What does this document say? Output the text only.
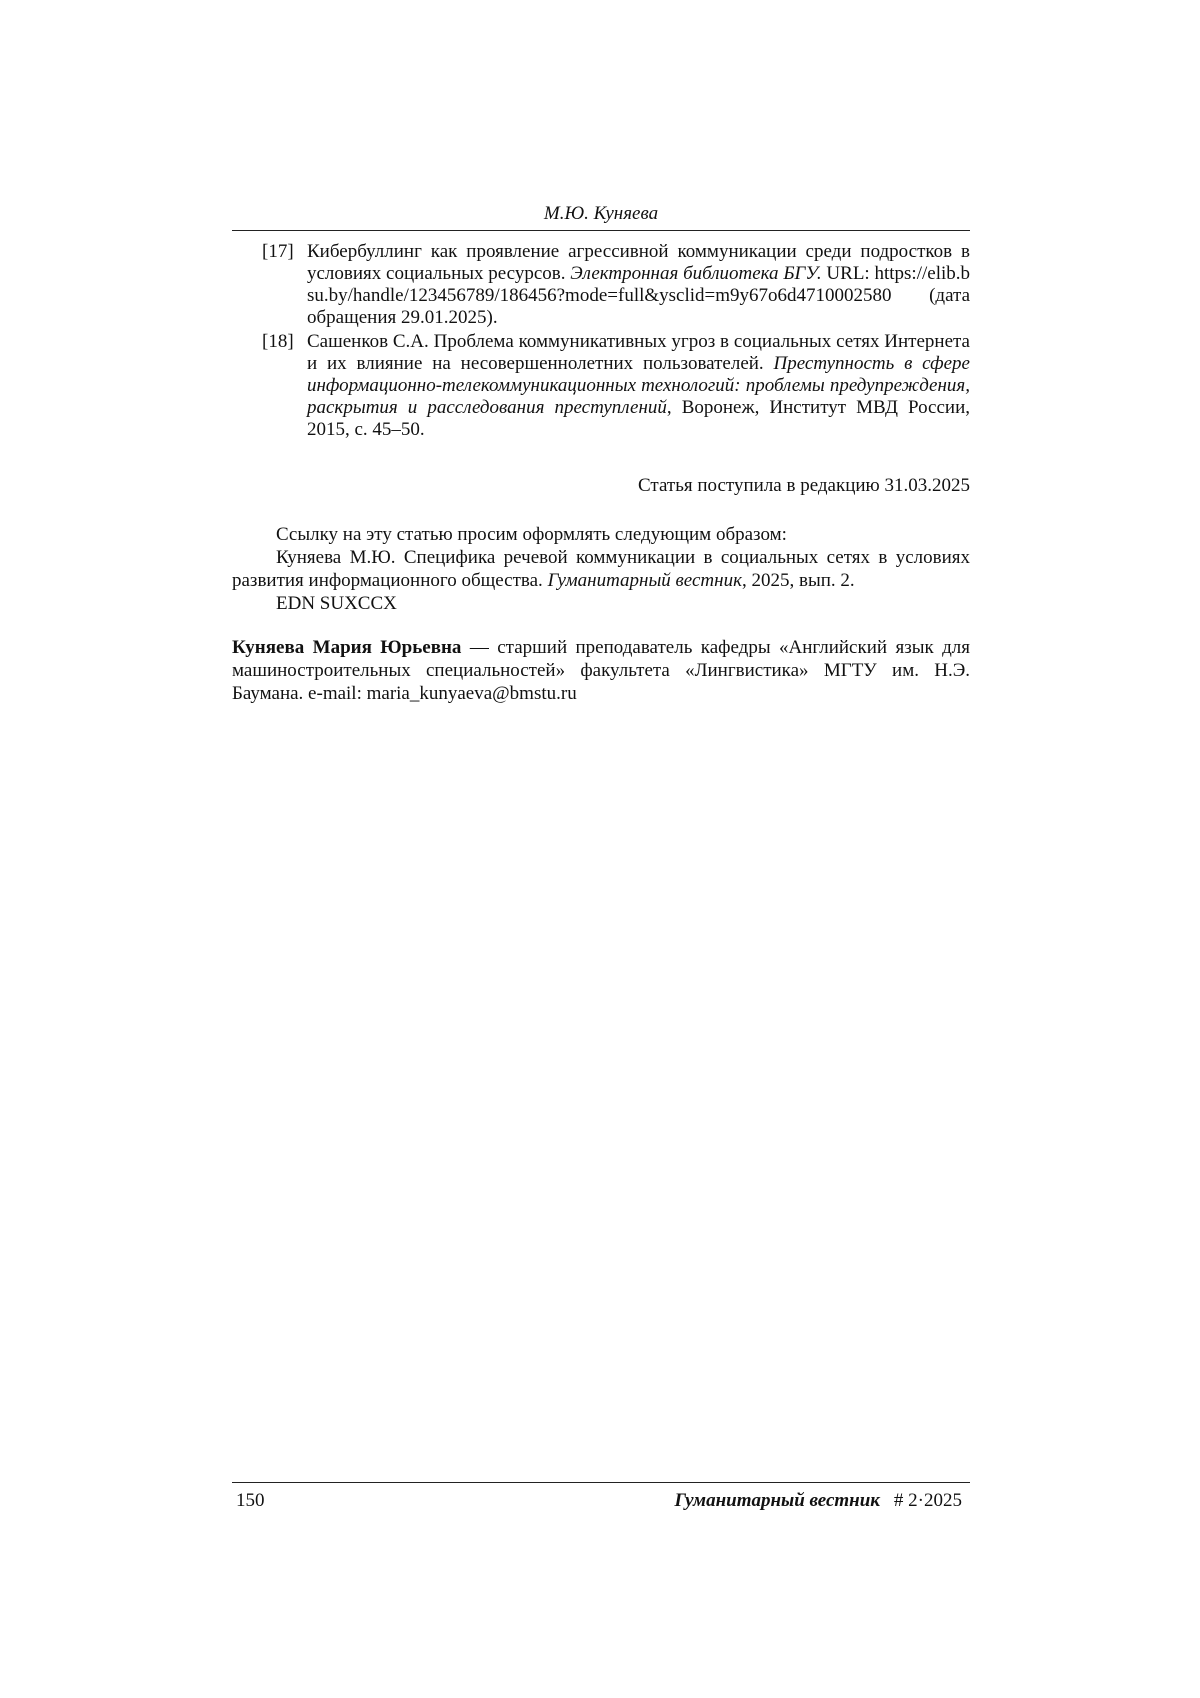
М.Ю. Куняева
[17] Кибербуллинг как проявление агрессивной коммуникации среди подростков в условиях социальных ресурсов. Электронная библиотека БГУ. URL: https://elib.bsu.by/handle/123456789/186456?mode=full&ysclid=m9y67o6d4710002580 (дата обращения 29.01.2025).
[18] Сашенков С.А. Проблема коммуникативных угроз в социальных сетях Интернета и их влияние на несовершеннолетних пользователей. Преступность в сфере информационно-телекоммуникационных технологий: проблемы предупреждения, раскрытия и расследования преступлений, Воронеж, Институт МВД России, 2015, с. 45–50.
Статья поступила в редакцию 31.03.2025

Ссылку на эту статью просим оформлять следующим образом:

Куняева М.Ю. Специфика речевой коммуникации в социальных сетях в условиях развития информационного общества. Гуманитарный вестник, 2025, вып. 2.

EDN SUXCCX

Куняева Мария Юрьевна — старший преподаватель кафедры «Английский язык для машиностроительных специальностей» факультета «Лингвистика» МГТУ им. Н.Э. Баумана. e-mail: maria_kunyaeva@bmstu.ru

150	Гуманитарный вестник # 2·2025
